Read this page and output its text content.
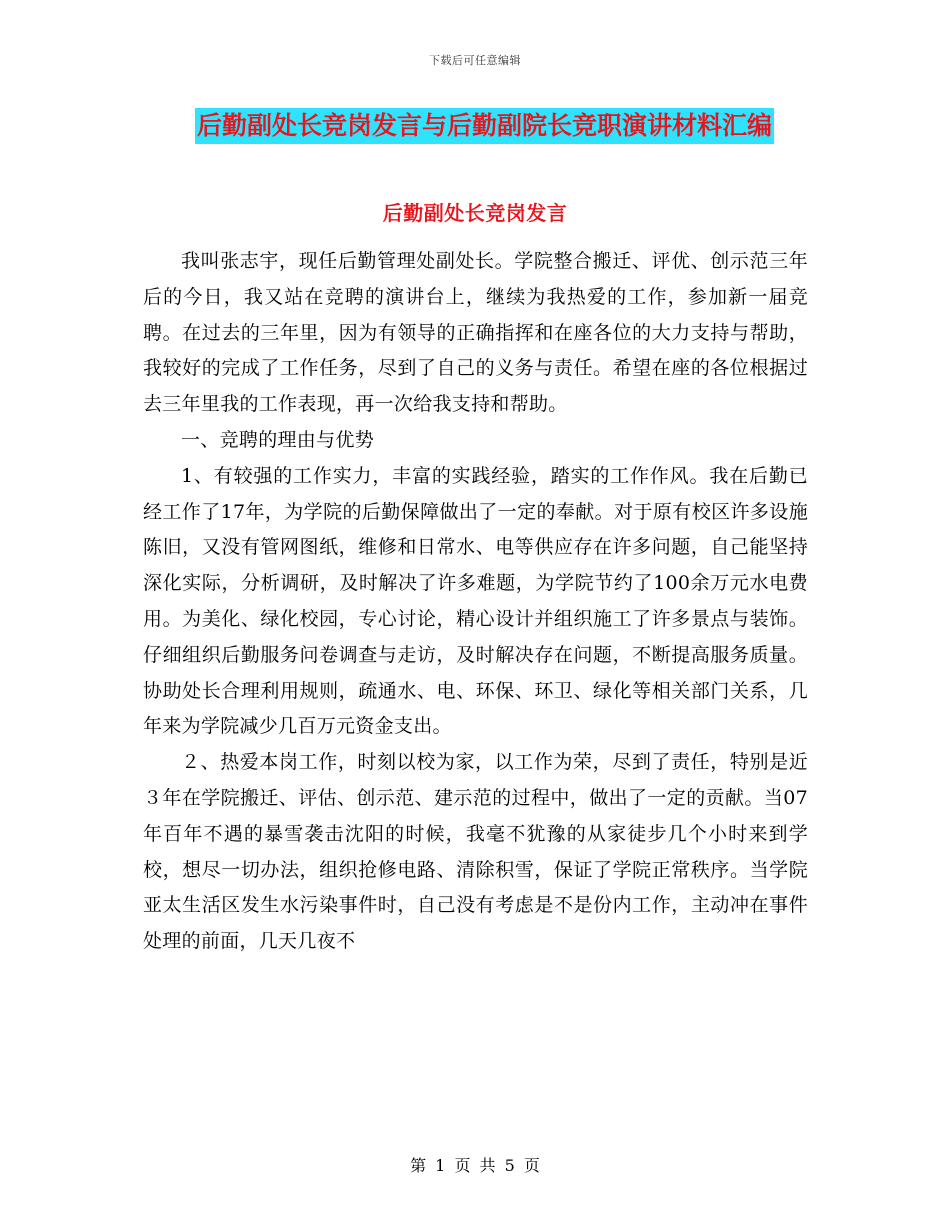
下载后可任意编辑
后勤副处长竞岗发言与后勤副院长竞职演讲材料汇编
后勤副处长竞岗发言

我叫张志宇，现任后勤管理处副处长。学院整合搬迁、评优、创示范三年后的今日，我又站在竞聘的演讲台上，继续为我热爱的工作，参加新一届竞聘。在过去的三年里，因为有领导的正确指挥和在座各位的大力支持与帮助，我较好的完成了工作任务，尽到了自己的义务与责任。希望在座的各位根据过去三年里我的工作表现，再一次给我支持和帮助。

一、竞聘的理由与优势

1、有较强的工作实力，丰富的实践经验，踏实的工作作风。我在后勤已经工作了17年，为学院的后勤保障做出了一定的奉献。对于原有校区许多设施陈旧，又没有管网图纸，维修和日常水、电等供应存在许多问题，自己能坚持深化实际，分析调研，及时解决了许多难题，为学院节约了100余万元水电费用。为美化、绿化校园，专心讨论，精心设计并组织施工了许多景点与装饰。仔细组织后勤服务问卷调查与走访，及时解决存在问题，不断提高服务质量。协助处长合理利用规则，疏通水、电、环保、环卫、绿化等相关部门关系，几年来为学院减少几百万元资金支出。

２、热爱本岗工作，时刻以校为家，以工作为荣，尽到了责任，特别是近３年在学院搬迁、评估、创示范、建示范的过程中，做出了一定的贡献。当07年百年不遇的暴雪袭击沈阳的时候，我毫不犹豫的从家徒步几个小时来到学校，想尽一切办法，组织抢修电路、清除积雪，保证了学院正常秩序。当学院亚太生活区发生水污染事件时，自己没有考虑是不是份内工作，主动冲在事件处理的前面，几天几夜不

第 1 页 共 5 页
